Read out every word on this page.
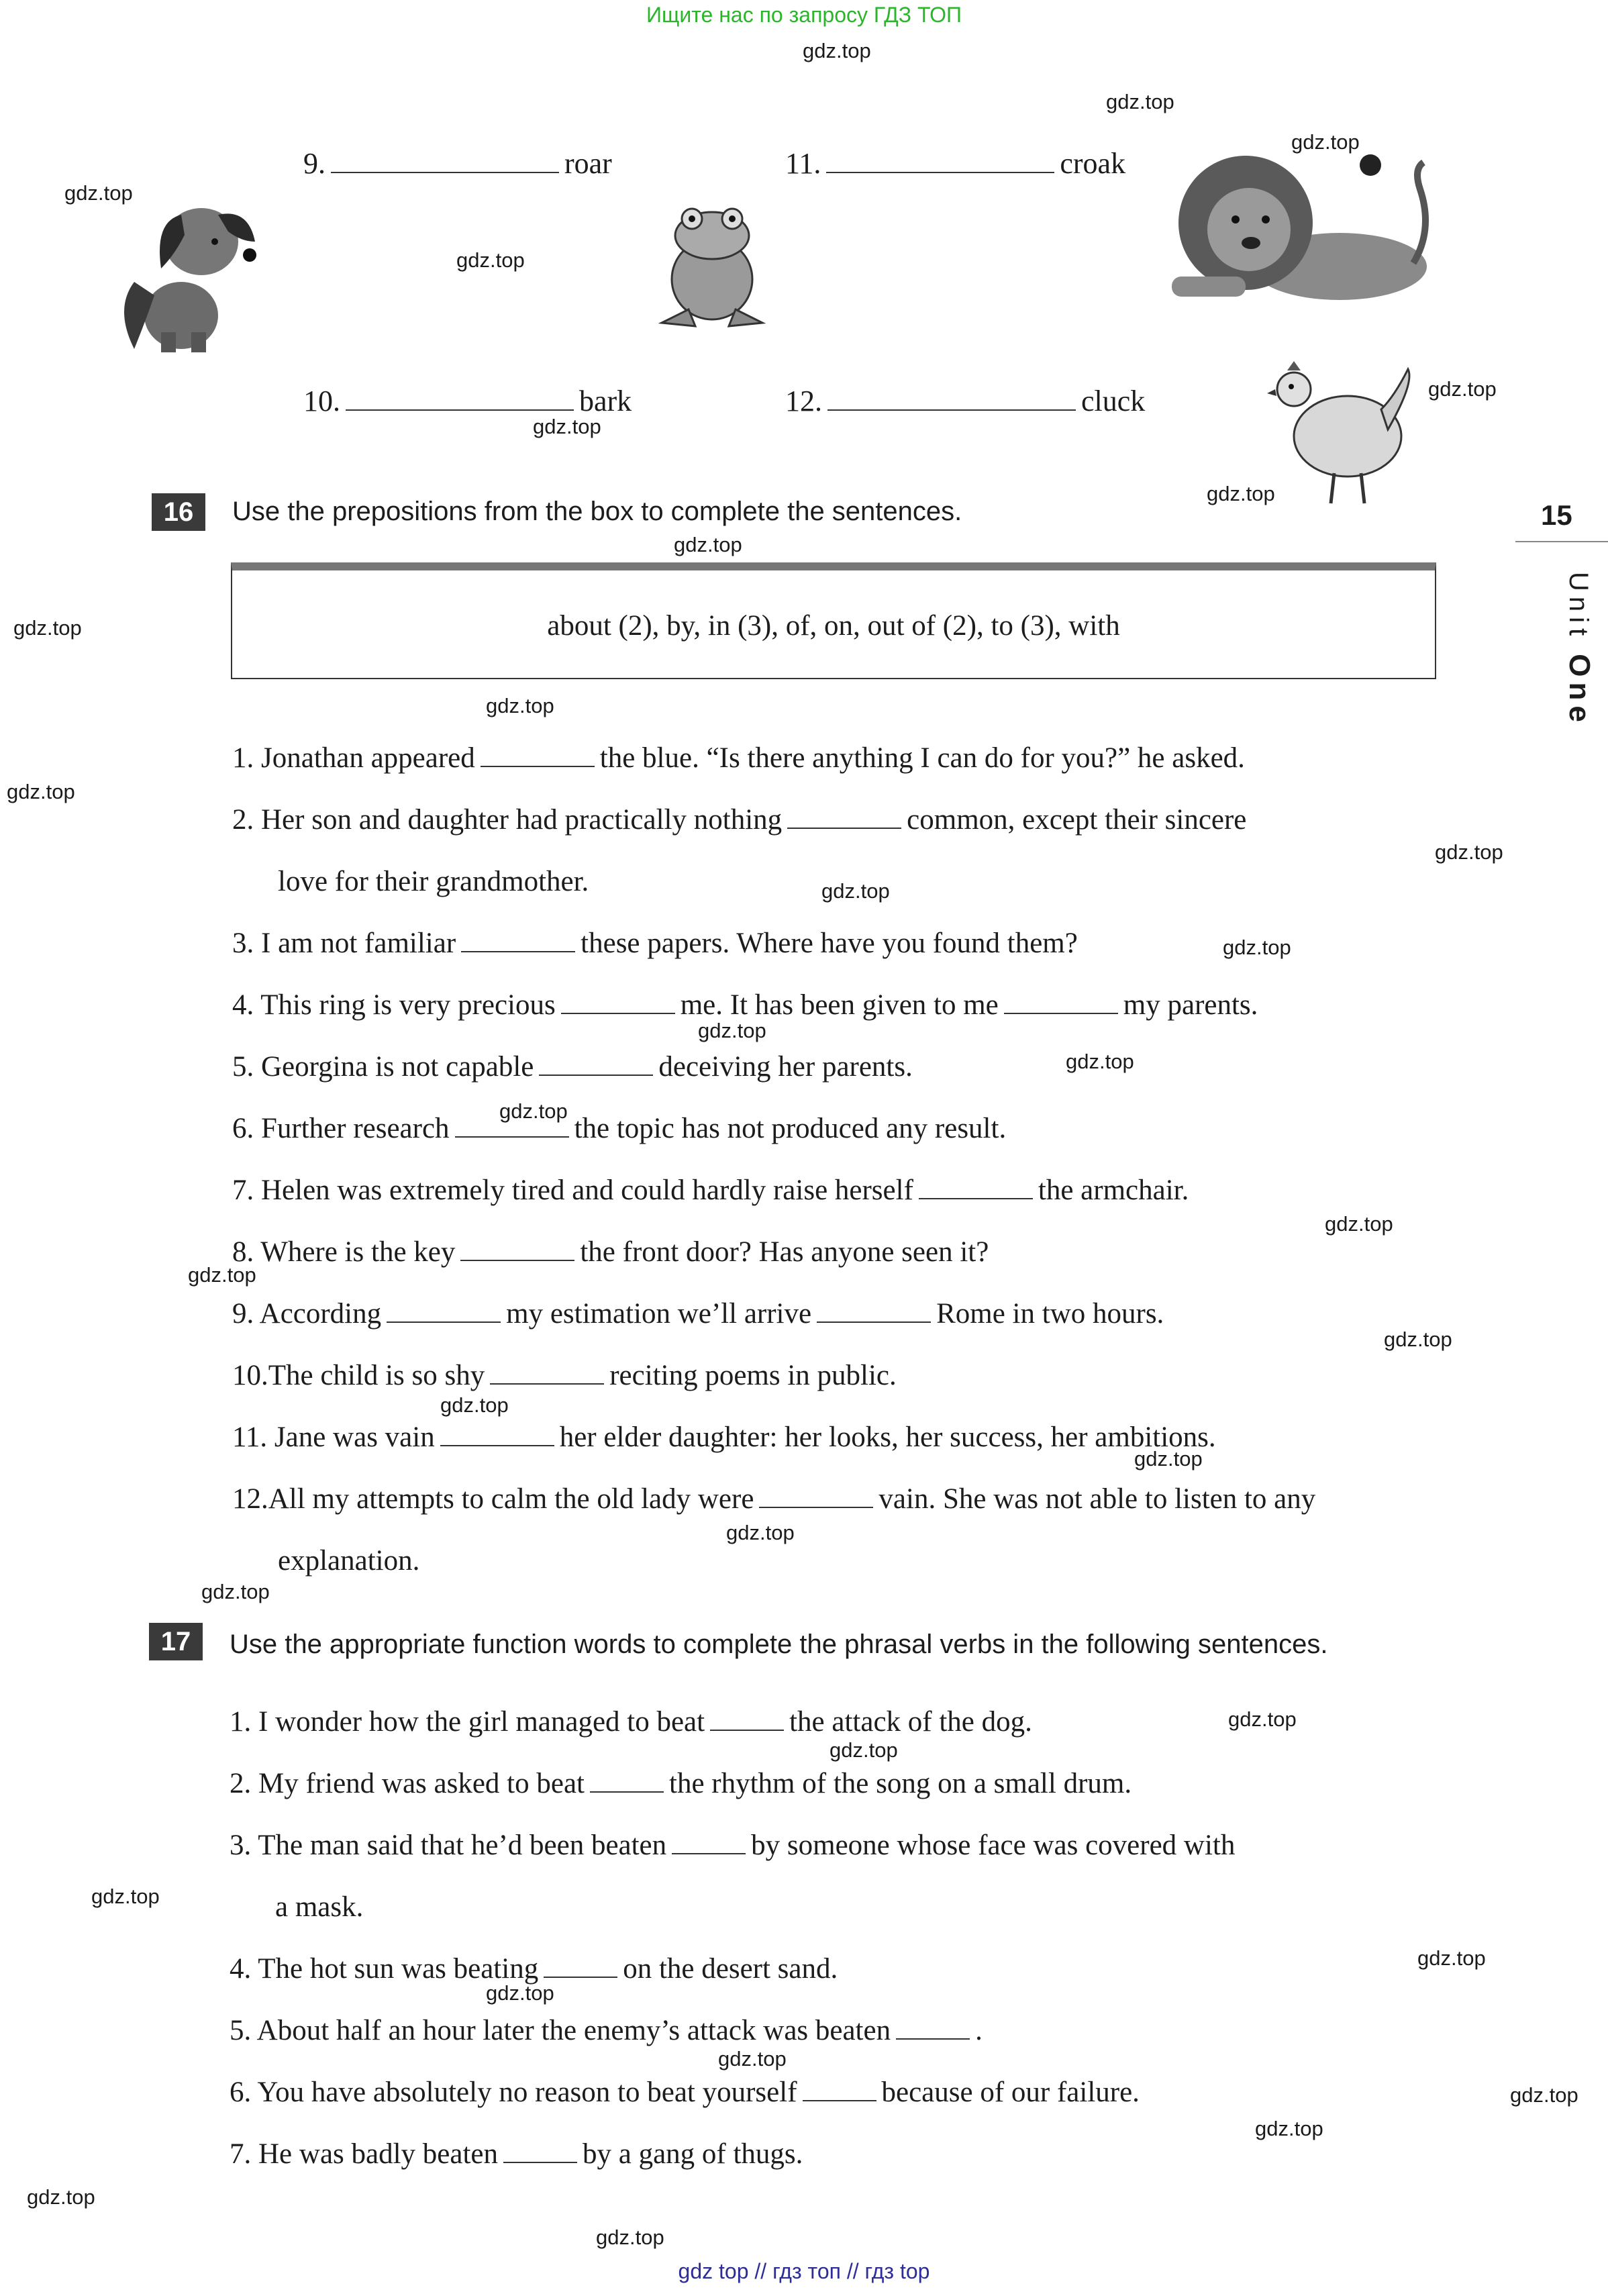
Ищите нас по запросу ГДЗ ТОП
gdz top // гдз топ // гдз top
gdz.top
gdz.top
gdz.top
gdz.top
gdz.top
gdz.top
gdz.top
gdz.top
gdz.top
gdz.top
gdz.top
gdz.top
gdz.top
gdz.top
gdz.top
gdz.top
gdz.top
gdz.top
gdz.top
gdz.top
gdz.top
gdz.top
gdz.top
gdz.top
gdz.top
gdz.top
gdz.top
gdz.top
gdz.top
gdz.top
gdz.top
gdz.top
gdz.top
gdz.top
gdz.top
9.	roar	11.	croak
10.	bark	12.	cluck
15
Unit One
16	Use the prepositions from the box to complete the sentences.
about (2), by, in (3), of, on, out of (2), to (3), with
1. Jonathan appeared	the blue. “Is there anything I can do for you?” he asked.
2. Her son and daughter had practically nothing	common, except their sincere
love for their grandmother.
3. I am not familiar	these papers. Where have you found them?
4. This ring is very precious	me. It has been given to me	my parents.
5. Georgina is not capable	deceiving her parents.
6. Further research	the topic has not produced any result.
7. Helen was extremely tired and could hardly raise herself	the armchair.
8. Where is the key	the front door? Has anyone seen it?
9. According	my estimation we’ll arrive	Rome in two hours.
10.The child is so shy	reciting poems in public.
11. Jane was vain	her elder daughter: her looks, her success, her ambitions.
12.All my attempts to calm the old lady were	vain. She was not able to listen to any
explanation.
17	Use the appropriate function words to complete the phrasal verbs in the following sentences.
1. I wonder how the girl managed to beat	the attack of the dog.
2. My friend was asked to beat	the rhythm of the song on a small drum.
3. The man said that he’d been beaten	by someone whose face was covered with
a mask.
4. The hot sun was beating	on the desert sand.
5. About half an hour later the enemy’s attack was beaten	.
6. You have absolutely no reason to beat yourself	because of our failure.
7. He was badly beaten	by a gang of thugs.
